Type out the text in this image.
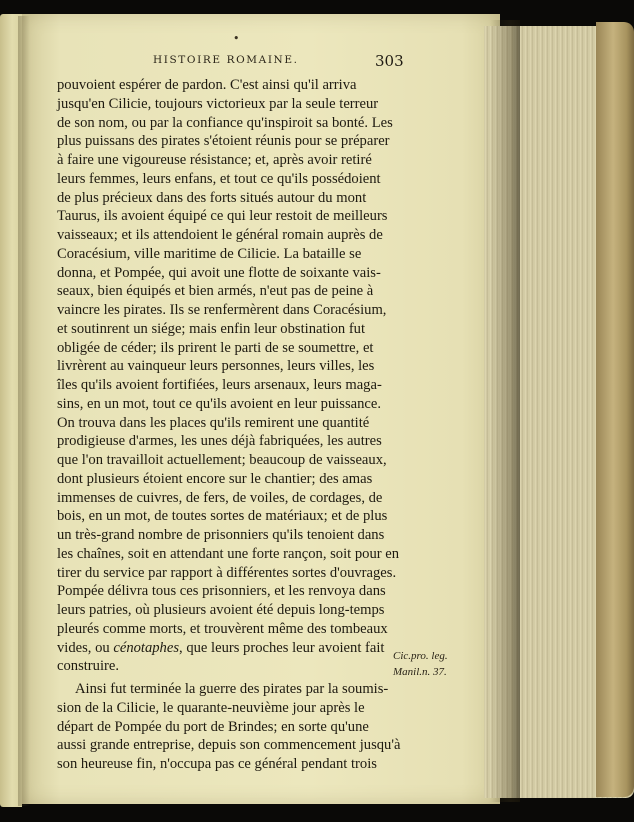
•
HISTOIRE ROMAINE.	303
pouvoient espérer de pardon. C'est ainsi qu'il arriva
jusqu'en Cilicie, toujours victorieux par la seule terreur
de son nom, ou par la confiance qu'inspiroit sa bonté. Les
plus puissans des pirates s'étoient réunis pour se préparer
à faire une vigoureuse résistance; et, après avoir retiré
leurs femmes, leurs enfans, et tout ce qu'ils possédoient
de plus précieux dans des forts situés autour du mont
Taurus, ils avoient équipé ce qui leur restoit de meilleurs
vaisseaux; et ils attendoient le général romain auprès de
Coracésium, ville maritime de Cilicie. La bataille se
donna, et Pompée, qui avoit une flotte de soixante vais-
seaux, bien équipés et bien armés, n'eut pas de peine à
vaincre les pirates. Ils se renfermèrent dans Coracésium,
et soutinrent un siége; mais enfin leur obstination fut
obligée de céder; ils prirent le parti de se soumettre, et
livrèrent au vainqueur leurs personnes, leurs villes, les
îles qu'ils avoient fortifiées, leurs arsenaux, leurs maga-
sins, en un mot, tout ce qu'ils avoient en leur puissance.
On trouva dans les places qu'ils remirent une quantité
prodigieuse d'armes, les unes déjà fabriquées, les autres
que l'on travailloit actuellement; beaucoup de vaisseaux,
dont plusieurs étoient encore sur le chantier; des amas
immenses de cuivres, de fers, de voiles, de cordages, de
bois, en un mot, de toutes sortes de matériaux; et de plus
un très-grand nombre de prisonniers qu'ils tenoient dans
les chaînes, soit en attendant une forte rançon, soit pour en
tirer du service par rapport à différentes sortes d'ouvrages.
Pompée délivra tous ces prisonniers, et les renvoya dans
leurs patries, où plusieurs avoient été depuis long-temps
pleurés comme morts, et trouvèrent même des tombeaux
vides, ou cénotaphes, que leurs proches leur avoient fait
construire.
Ainsi fut terminée la guerre des pirates par la soumis-
sion de la Cilicie, le quarante-neuvième jour après le
départ de Pompée du port de Brindes; en sorte qu'une
aussi grande entreprise, depuis son commencement jusqu'à
son heureuse fin, n'occupa pas ce général pendant trois
Cic.pro. leg.
Manil.n. 37.
